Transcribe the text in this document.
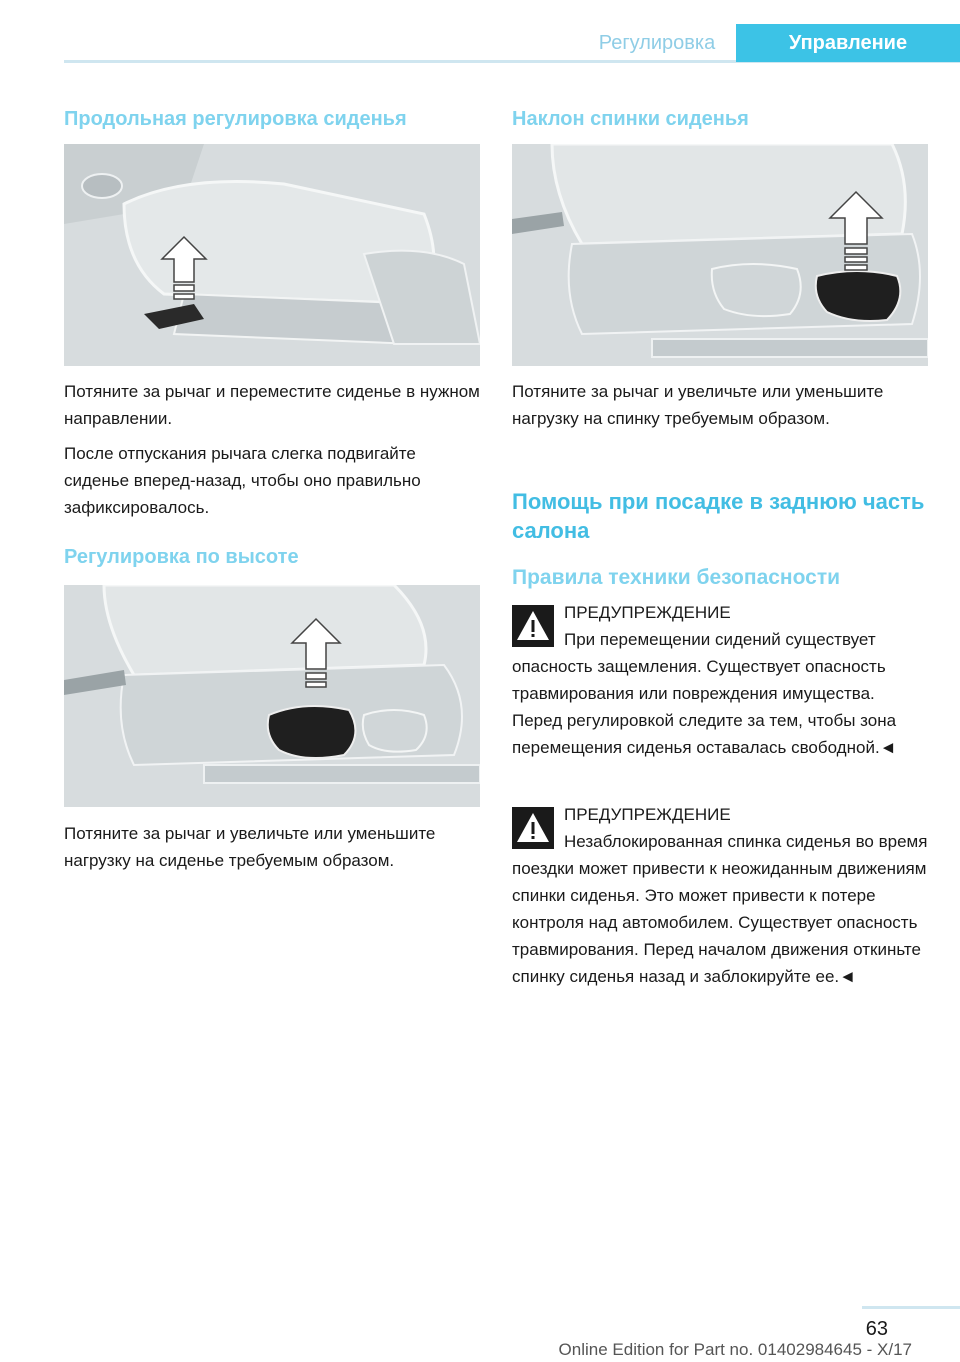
Регулировка	Управление
Продольная регулировка сиденья

Потяните за рычаг и переместите сиденье в нужном направлении.

После отпускания рычага слегка подвигайте сиденье вперед-назад, чтобы оно правильно зафиксировалось.

Регулировка по высоте

Потяните за рычаг и увеличьте или уменьшите нагрузку на сиденье требуемым образом.

Наклон спинки сиденья

Потяните за рычаг и увеличьте или уменьшите нагрузку на спинку требуемым образом.

Помощь при посадке в заднюю часть салона
Правила техники безопасности

ПРЕДУПРЕЖДЕНИЕ

При перемещении сидений существует опасность защемления. Существует опасность травмирования или повреждения имущества. Перед регулировкой следите за тем, чтобы зона перемещения сиденья оставалась свободной.◄

ПРЕДУПРЕЖДЕНИЕ

Незаблокированная спинка сиденья во время поездки может привести к неожиданным движениям спинки сиденья. Это может привести к потере контроля над автомобилем. Существует опасность травмирования. Перед началом движения откиньте спинку сиденья назад и заблокируйте ее.◄

63
Online Edition for Part no. 01402984645 - X/17
